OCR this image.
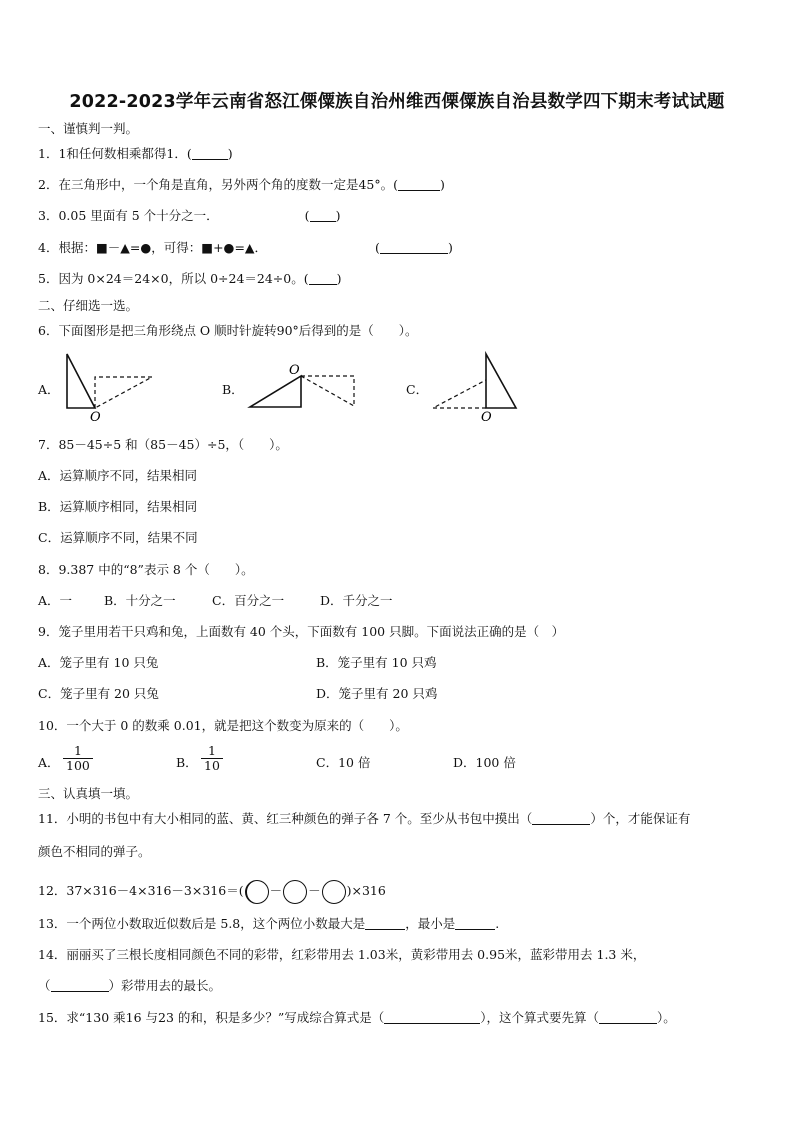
2022-2023学年云南省怒江傈僳族自治州维西傈僳族自治县数学四下期末考试试题
一、谨慎判一判。
1．1和任何数相乘都得1．(	)
2．在三角形中，一个角是直角，另外两个角的度数一定是45°。(	)
3．0.05 里面有 5 个十分之一．	( )
4．根据：■－▲=●，可得：■+●=▲．	(	)
5．因为 0×24＝24×0，所以 0÷24＝24÷0。( )
二、仔细选一选。
6．下面图形是把三角形绕点 O 顺时针旋转90°后得到的是（　　）。
A．
O
B．
O
C．
O
7．85－45÷5 和（85－45）÷5，（　　）。
A．运算顺序不同，结果相同
B．运算顺序相同，结果相同
C．运算顺序不同，结果不同
8．9.387 中的“8”表示 8 个（　　）。
A．一	B．十分之一	C．百分之一	D．千分之一
9．笼子里用若干只鸡和兔，上面数有 40 个头，下面数有 100 只脚。下面说法正确的是（　）
A．笼子里有 10 只兔	B．笼子里有 10 只鸡
C．笼子里有 20 只兔	D．笼子里有 20 只鸡
10．一个大于 0 的数乘 0.01，就是把这个数变为原来的（　　）。
A． $\frac{1}{100}$	B． $\frac{1}{10}$	C．10 倍	D．100 倍
三、认真填一填。
11．小明的书包中有大小相同的蓝、黄、红三种颜色的弹子各 7 个。至少从书包中摸出（	）个，才能保证有
颜色不相同的弹子。
12．37×316－4×316－3×316＝( － － )×316
13．一个两位小数取近似数后是 5.8，这个两位小数最大是	，最小是	.
14．丽丽买了三根长度相同颜色不同的彩带，红彩带用去 1.03米，黄彩带用去 0.95米，蓝彩带用去 1.3 米，
（	）彩带用去的最长。
15．求“130 乘16 与23 的和，积是多少？”写成综合算式是（	），这个算式要先算（	）。
